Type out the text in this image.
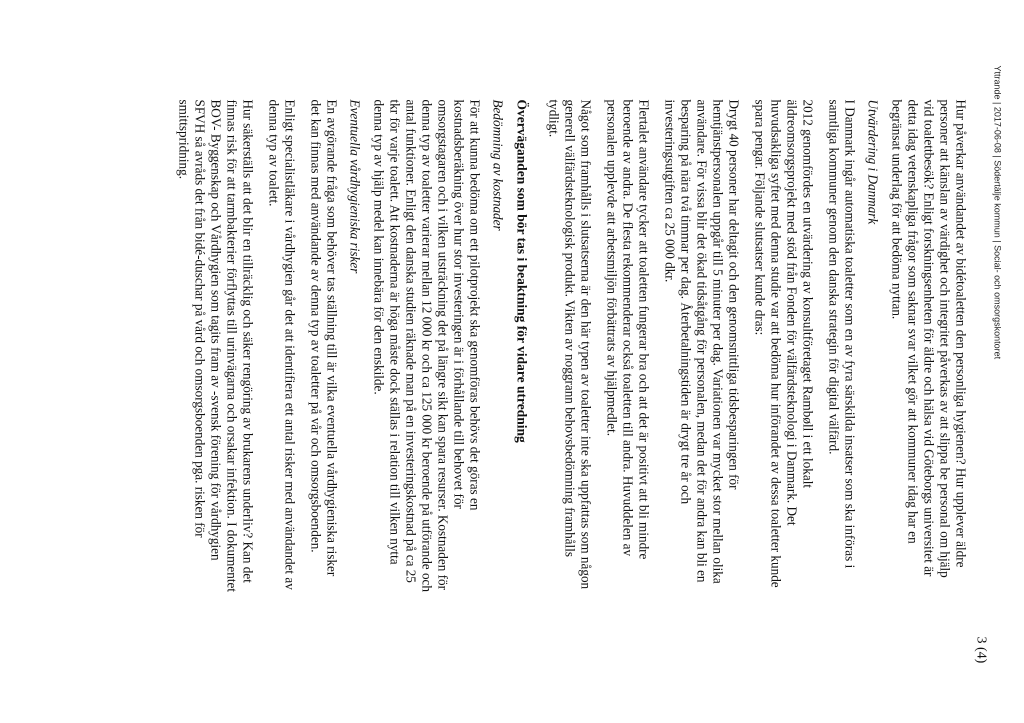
Yttrande | 2017-06-08 | Södertälje kommun | Social- och omsorgskontoret
3 (4)

Hur påverkar användandet av bidétoaletten den personliga hygienen? Hur upplever äldre personer att känslan av värdighet och integritet påverkas av att slippa be personal om hjälp vid toalettbesök? Enligt forskningsenheten för äldre och hälsa vid Göteborgs universitet är detta idag vetenskapliga frågor som saknar svar vilket gör att kommuner idag har en begränsat underlag för att bedöma nyttan.

Utvärdering i Danmark

I Danmark ingår automatiska toaletter som en av fyra särskilda insatser som ska införas i samtliga kommuner genom den danska strategin för digital välfärd.

2012 genomfördes en utvärdering av konsultföretaget Rambøll i ett lokalt äldreomsorgsprojekt med stöd från Fonden för välfärdsteknologi i Danmark. Det huvudsakliga syftet med denna studie var att bedöma hur införandet av dessa toaletter kunde spara pengar. Följande slutsatser kunde dras:

Drygt 40 personer har deltagit och den genomsnittliga tidsbesparingen för hemtjänstpersonalen uppgår till 5 minuter per dag. Variationen var mycket stor mellan olika användare. För vissa blir det ökad tidsåtgång för personalen, medan det för andra kan bli en besparing på nära två timmar per dag. Återbetalningstiden är drygt tre år och investeringsutgiften ca 25 000 dkr.

Flertalet användare tycker att toaletten fungerar bra och att det är positivt att bli mindre beroende av andra. De flesta rekommenderar också toaletten till andra. Huvuddelen av personalen upplevde att arbetsmiljön förbättrats av hjälpmedlet.

Något som framhålls i slutsatserna är den här typen av toaletter inte ska uppfattas som någon generell välfärdsteknologisk produkt. Vikten av noggrann behovsbedömning framhålls tydligt.

Överväganden som bör tas i beaktning för vidare utredning

Bedömning av kostnader

För att kunna bedöma om ett pilotprojekt ska genomföras behövs det göras en kostnadsberäkning över hur stor investeringen är i förhållande till behovet för omsorgstagaren och i vilken utsträckning det på längre sikt kan spara resurser. Kostnaden för denna typ av toaletter varierar mellan 12 000 kr och ca 125 000 kr beroende på utförande och antal funktioner. Enligt den danska studien räknade man på en investeringskostnad på ca 25 tkr för varje toalett. Att kostnaderna är höga måste dock ställas i relation till vilken nytta denna typ av hjälp medel kan innebära för den enskilde.

Eventuella vårdhygieniska risker

En avgörande fråga som behöver tas ställning till är vilka eventuella vårdhygieniska risker det kan finnas med användande av denna typ av toaletter på vår och omsorgsboenden.

Enligt specialistläkare i vårdhygien går det att identifiera ett antal risker med användandet av denna typ av toalett.

Hur säkerställs att det blir en tillräcklig och säker rengöring av brukarens underliv? Kan det finnas risk för att tarmbakterier förflyttas till urinvägarna och orsakar infektion. I dokumentet BOV- Byggenskap och Vårdhygien som tagits fram av -svensk förening för vårdhygien SFVH så avråds det från bidé-duschar på vård och omsorgsboenden pga. risken för smittspridning.
